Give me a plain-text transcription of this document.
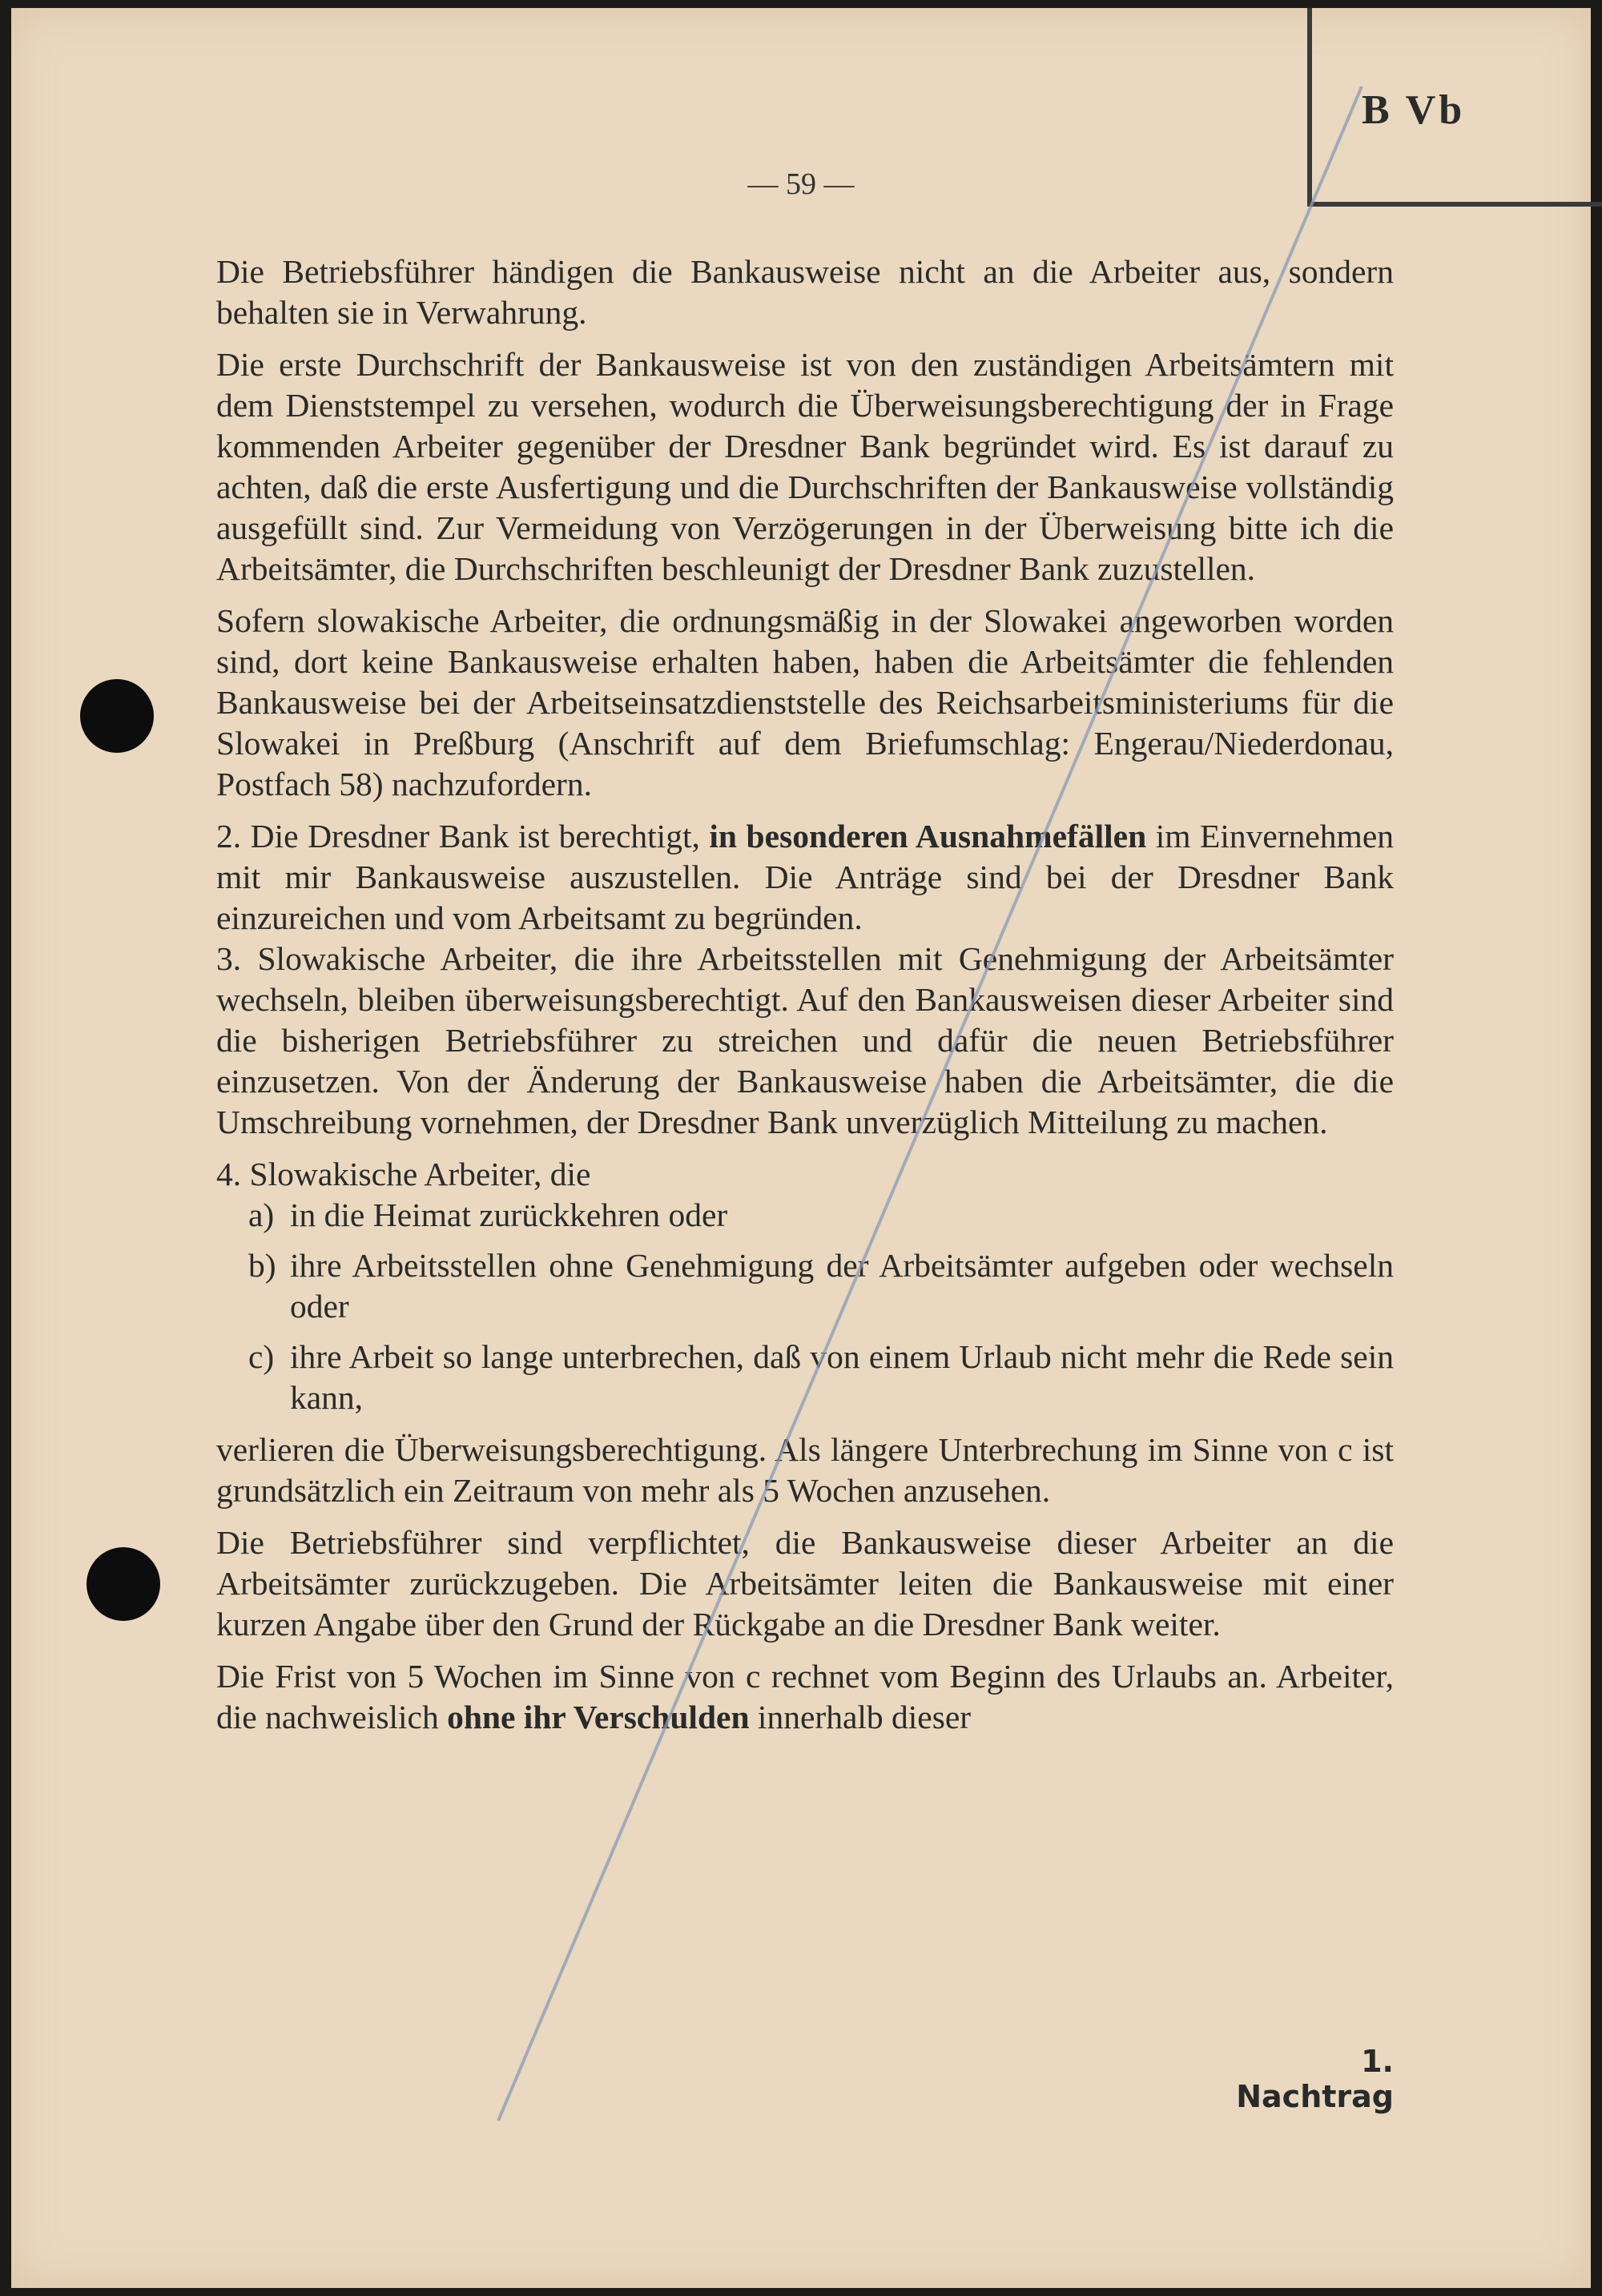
B Vb
— 59 —

Die Betriebsführer händigen die Bankausweise nicht an die Arbeiter aus, sondern behalten sie in Verwahrung.

Die erste Durchschrift der Bankausweise ist von den zuständigen Arbeitsämtern mit dem Dienststempel zu versehen, wodurch die Überweisungsberechtigung der in Frage kommenden Arbeiter gegenüber der Dresdner Bank begründet wird. Es ist darauf zu achten, daß die erste Ausfertigung und die Durchschriften der Bankausweise vollständig ausgefüllt sind. Zur Vermeidung von Verzögerungen in der Überweisung bitte ich die Arbeitsämter, die Durchschriften beschleunigt der Dresdner Bank zuzustellen.

Sofern slowakische Arbeiter, die ordnungsmäßig in der Slowakei angeworben worden sind, dort keine Bankausweise erhalten haben, haben die Arbeitsämter die fehlenden Bankausweise bei der Arbeitseinsatzdienststelle des Reichsarbeitsministeriums für die Slowakei in Preßburg (Anschrift auf dem Briefumschlag: Engerau/Niederdonau, Postfach 58) nachzufordern.

2. Die Dresdner Bank ist berechtigt, in besonderen Ausnahmefällen im Einvernehmen mit mir Bankausweise auszustellen. Die Anträge sind bei der Dresdner Bank einzureichen und vom Arbeitsamt zu begründen.

3. Slowakische Arbeiter, die ihre Arbeitsstellen mit Genehmigung der Arbeitsämter wechseln, bleiben überweisungsberechtigt. Auf den Bankausweisen dieser Arbeiter sind die bisherigen Betriebsführer zu streichen und dafür die neuen Betriebsführer einzusetzen. Von der Änderung der Bankausweise haben die Arbeitsämter, die die Umschreibung vornehmen, der Dresdner Bank unverzüglich Mitteilung zu machen.

4. Slowakische Arbeiter, die

a) in die Heimat zurückkehren oder
b) ihre Arbeitsstellen ohne Genehmigung der Arbeitsämter aufgeben oder wechseln oder
c) ihre Arbeit so lange unterbrechen, daß von einem Urlaub nicht mehr die Rede sein kann,

verlieren die Überweisungsberechtigung. Als längere Unterbrechung im Sinne von c ist grundsätzlich ein Zeitraum von mehr als 5 Wochen anzusehen.

Die Betriebsführer sind verpflichtet, die Bankausweise dieser Arbeiter an die Arbeitsämter zurückzugeben. Die Arbeitsämter leiten die Bankausweise mit einer kurzen Angabe über den Grund der Rückgabe an die Dresdner Bank weiter.

Die Frist von 5 Wochen im Sinne von c rechnet vom Beginn des Urlaubs an. Arbeiter, die nachweislich ohne ihr Verschulden innerhalb dieser

1. Nachtrag
